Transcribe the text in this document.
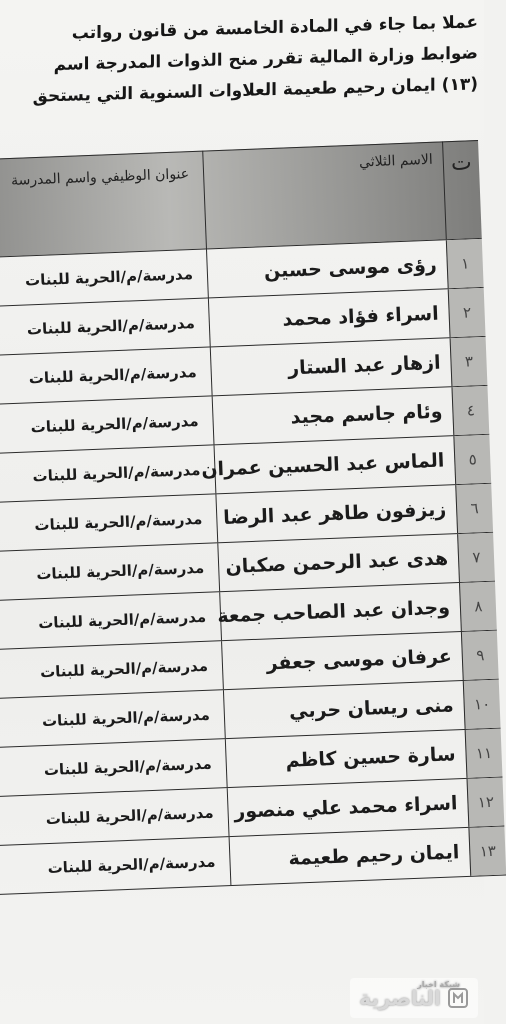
عملا بما جاء في المادة الخامسة من قانون رواتب
ضوابط وزارة المالية تقرر منح الذوات المدرجة اسم
(١٣) ايمان رحيم طعيمة العلاوات السنوية التي يستحق
ت
الاسم الثلاثي
عنوان الوظيفي واسم المدرسة
١
رؤى موسى حسين
مدرسة/م/الحرية للبنات
٢
اسراء فؤاد محمد
مدرسة/م/الحرية للبنات
٣
ازهار عبد الستار
مدرسة/م/الحرية للبنات
٤
وئام جاسم مجيد
مدرسة/م/الحرية للبنات
٥
الماس عبد الحسين عمران
مدرسة/م/الحرية للبنات
٦
زيزفون طاهر عبد الرضا
مدرسة/م/الحرية للبنات
٧
هدى عبد الرحمن صكبان
مدرسة/م/الحرية للبنات
٨
وجدان عبد الصاحب جمعة
مدرسة/م/الحرية للبنات
٩
عرفان موسى جعفر
مدرسة/م/الحرية للبنات
١٠
منى ريسان حربي
مدرسة/م/الحرية للبنات
١١
سارة حسين كاظم
مدرسة/م/الحرية للبنات
١٢
اسراء محمد علي منصور
مدرسة/م/الحرية للبنات
١٣
ايمان رحيم طعيمة
مدرسة/م/الحرية للبنات
شبكة اخبار
الناصرية
